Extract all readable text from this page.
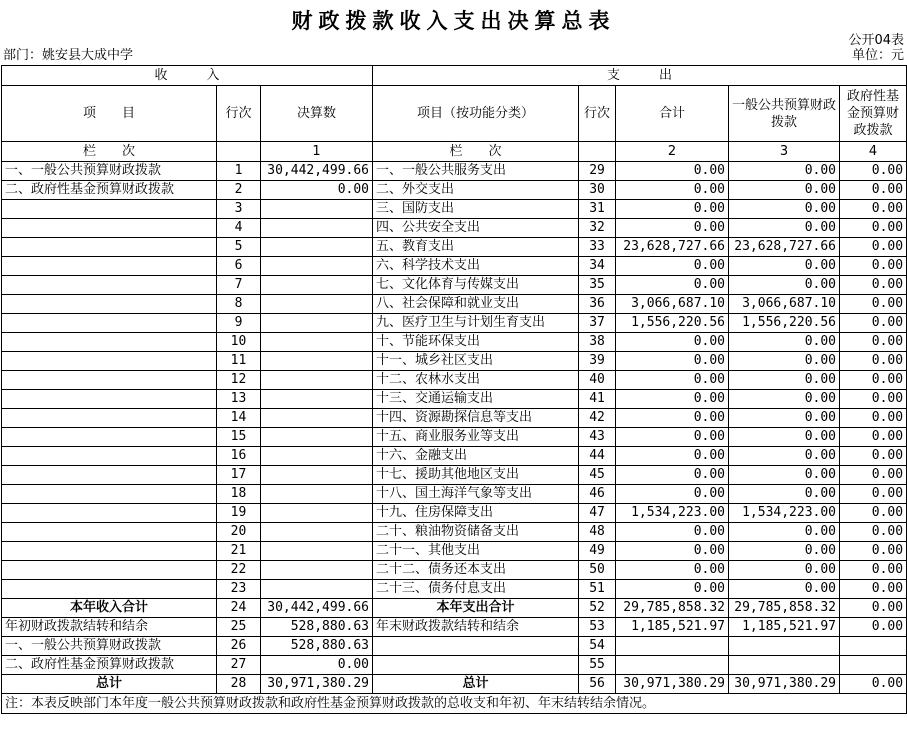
财政拨款收入支出决算总表
公开04表
部门：姚安县大成中学	单位：元
收　　　入			支　　　出				
项　　目	行次	决算数	项目（按功能分类）	行次	合计	一般公共预算财政拨款	政府性基金预算财政拨款
栏　　次		1	栏　　次		2	3	4
一、一般公共预算财政拨款	1	30,442,499.66	一、一般公共服务支出	29	0.00	0.00	0.00
二、政府性基金预算财政拨款	2	0.00	二、外交支出	30	0.00	0.00	0.00
	3		三、国防支出	31	0.00	0.00	0.00
	4		四、公共安全支出	32	0.00	0.00	0.00
	5		五、教育支出	33	23,628,727.66	23,628,727.66	0.00
	6		六、科学技术支出	34	0.00	0.00	0.00
	7		七、文化体育与传媒支出	35	0.00	0.00	0.00
	8		八、社会保障和就业支出	36	3,066,687.10	3,066,687.10	0.00
	9		九、医疗卫生与计划生育支出	37	1,556,220.56	1,556,220.56	0.00
	10		十、节能环保支出	38	0.00	0.00	0.00
	11		十一、城乡社区支出	39	0.00	0.00	0.00
	12		十二、农林水支出	40	0.00	0.00	0.00
	13		十三、交通运输支出	41	0.00	0.00	0.00
	14		十四、资源勘探信息等支出	42	0.00	0.00	0.00
	15		十五、商业服务业等支出	43	0.00	0.00	0.00
	16		十六、金融支出	44	0.00	0.00	0.00
	17		十七、援助其他地区支出	45	0.00	0.00	0.00
	18		十八、国土海洋气象等支出	46	0.00	0.00	0.00
	19		十九、住房保障支出	47	1,534,223.00	1,534,223.00	0.00
	20		二十、粮油物资储备支出	48	0.00	0.00	0.00
	21		二十一、其他支出	49	0.00	0.00	0.00
	22		二十二、债务还本支出	50	0.00	0.00	0.00
	23		二十三、债务付息支出	51	0.00	0.00	0.00
本年收入合计	24	30,442,499.66	本年支出合计	52	29,785,858.32	29,785,858.32	0.00
年初财政拨款结转和结余	25	528,880.63	年末财政拨款结转和结余	53	1,185,521.97	1,185,521.97	0.00
一、一般公共预算财政拨款	26	528,880.63		54			
二、政府性基金预算财政拨款	27	0.00		55			
总计	28	30,971,380.29	总计	56	30,971,380.29	30,971,380.29	0.00
注：本表反映部门本年度一般公共预算财政拨款和政府性基金预算财政拨款的总收支和年初、年末结转结余情况。							
